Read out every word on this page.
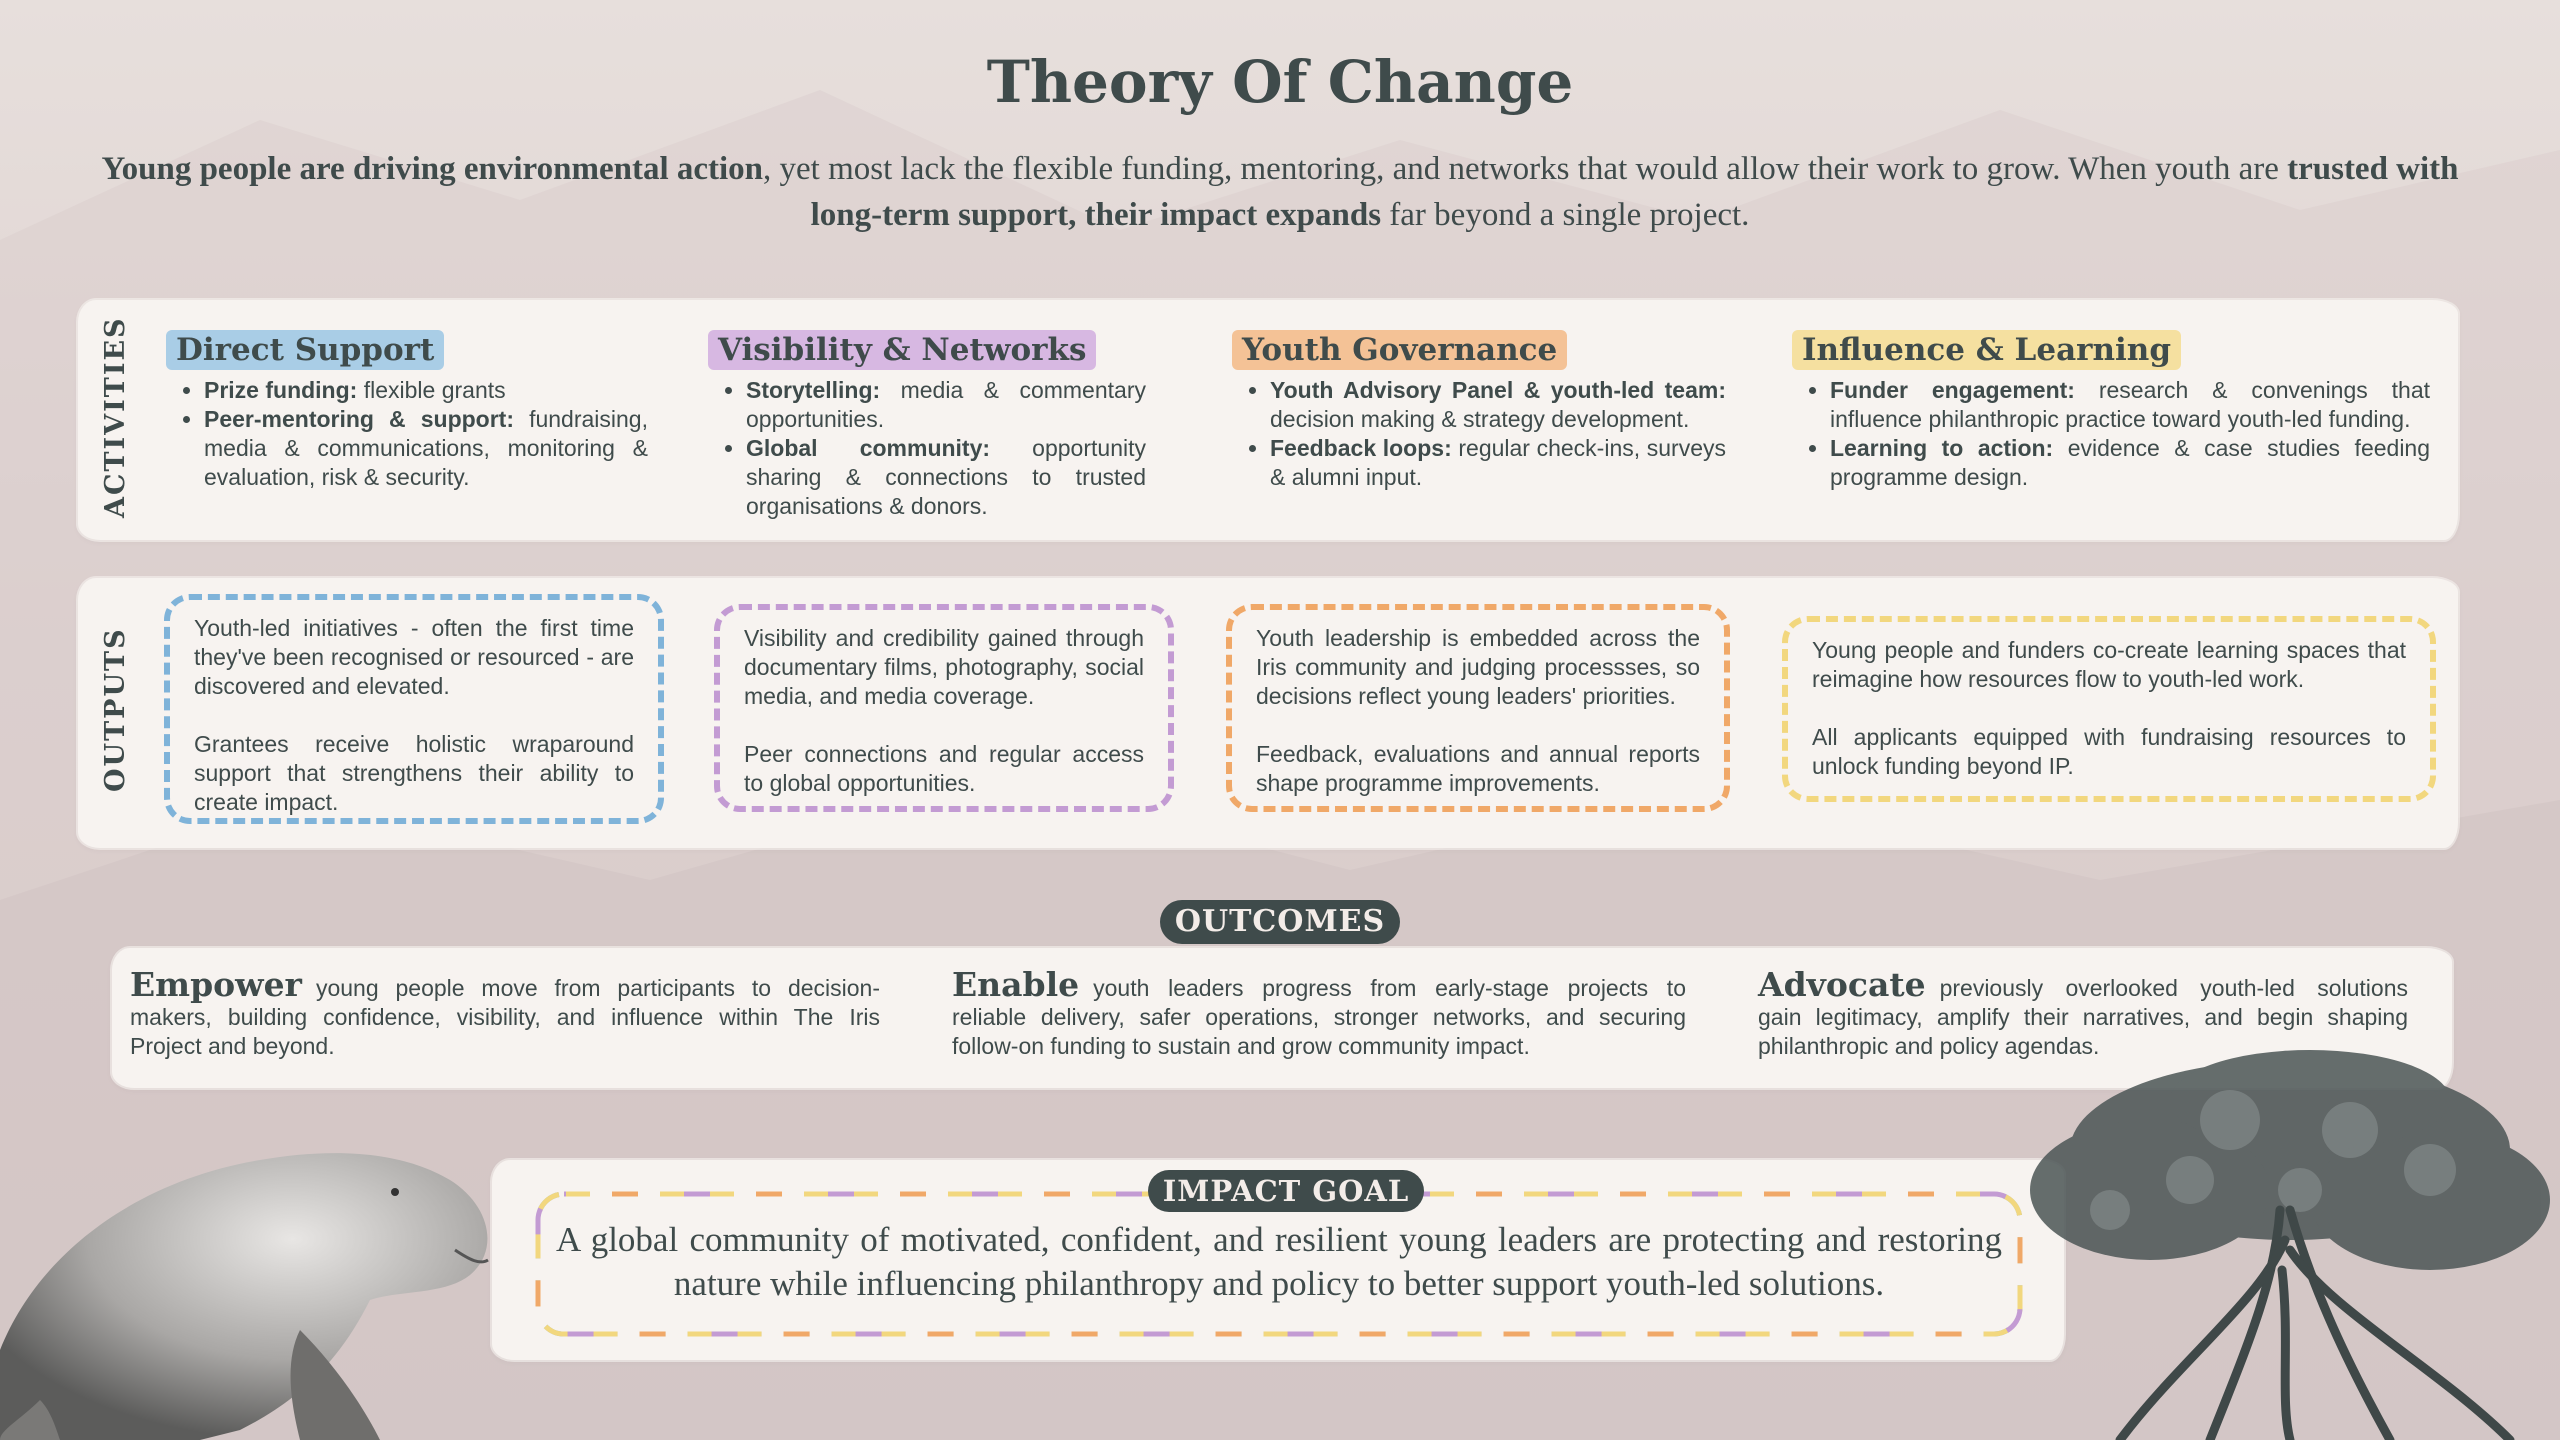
Theory Of Change
Young people are driving environmental action, yet most lack the flexible funding, mentoring, and networks that would allow their work to grow. When youth are trusted with long-term support, their impact expands far beyond a single project.
ACTIVITIES	Direct Support
• Prize funding: flexible grants
• Peer-mentoring & support: fundraising, media & communications, monitoring & evaluation, risk & security.
Visibility & Networks
• Storytelling: media & commentary opportunities.
• Global community: opportunity sharing & connections to trusted organisations & donors.
Youth Governance
• Youth Advisory Panel & youth-led team: decision making & strategy development.
• Feedback loops: regular check-ins, surveys & alumni input.
Influence & Learning
• Funder engagement: research & convenings that influence philanthropic practice toward youth-led funding.
• Learning to action: evidence & case studies feeding programme design.
OUTPUTS	Youth-led initiatives - often the first time they've been recognised or resourced - are discovered and elevated.

Grantees receive holistic wraparound support that strengthens their ability to create impact.

Visibility and credibility gained through documentary films, photography, social media, and media coverage.

Peer connections and regular access to global opportunities.

Youth leadership is embedded across the Iris community and judging processses, so decisions reflect young leaders' priorities.

Feedback, evaluations and annual reports shape programme improvements.

Young people and funders co-create learning spaces that reimagine how resources flow to youth-led work.

All applicants equipped with fundraising resources to unlock funding beyond IP.

OUTCOMES
Empower young people move from participants to decision-makers, building confidence, visibility, and influence within The Iris Project and beyond.
Enable youth leaders progress from early-stage projects to reliable delivery, safer operations, stronger networks, and securing follow-on funding to sustain and grow community impact.
Advocate previously overlooked youth-led solutions gain legitimacy, amplify their narratives, and begin shaping philanthropic and policy agendas.
IMPACT GOAL
A global community of motivated, confident, and resilient young leaders are protecting and restoring nature while influencing philanthropy and policy to better support youth-led solutions.
